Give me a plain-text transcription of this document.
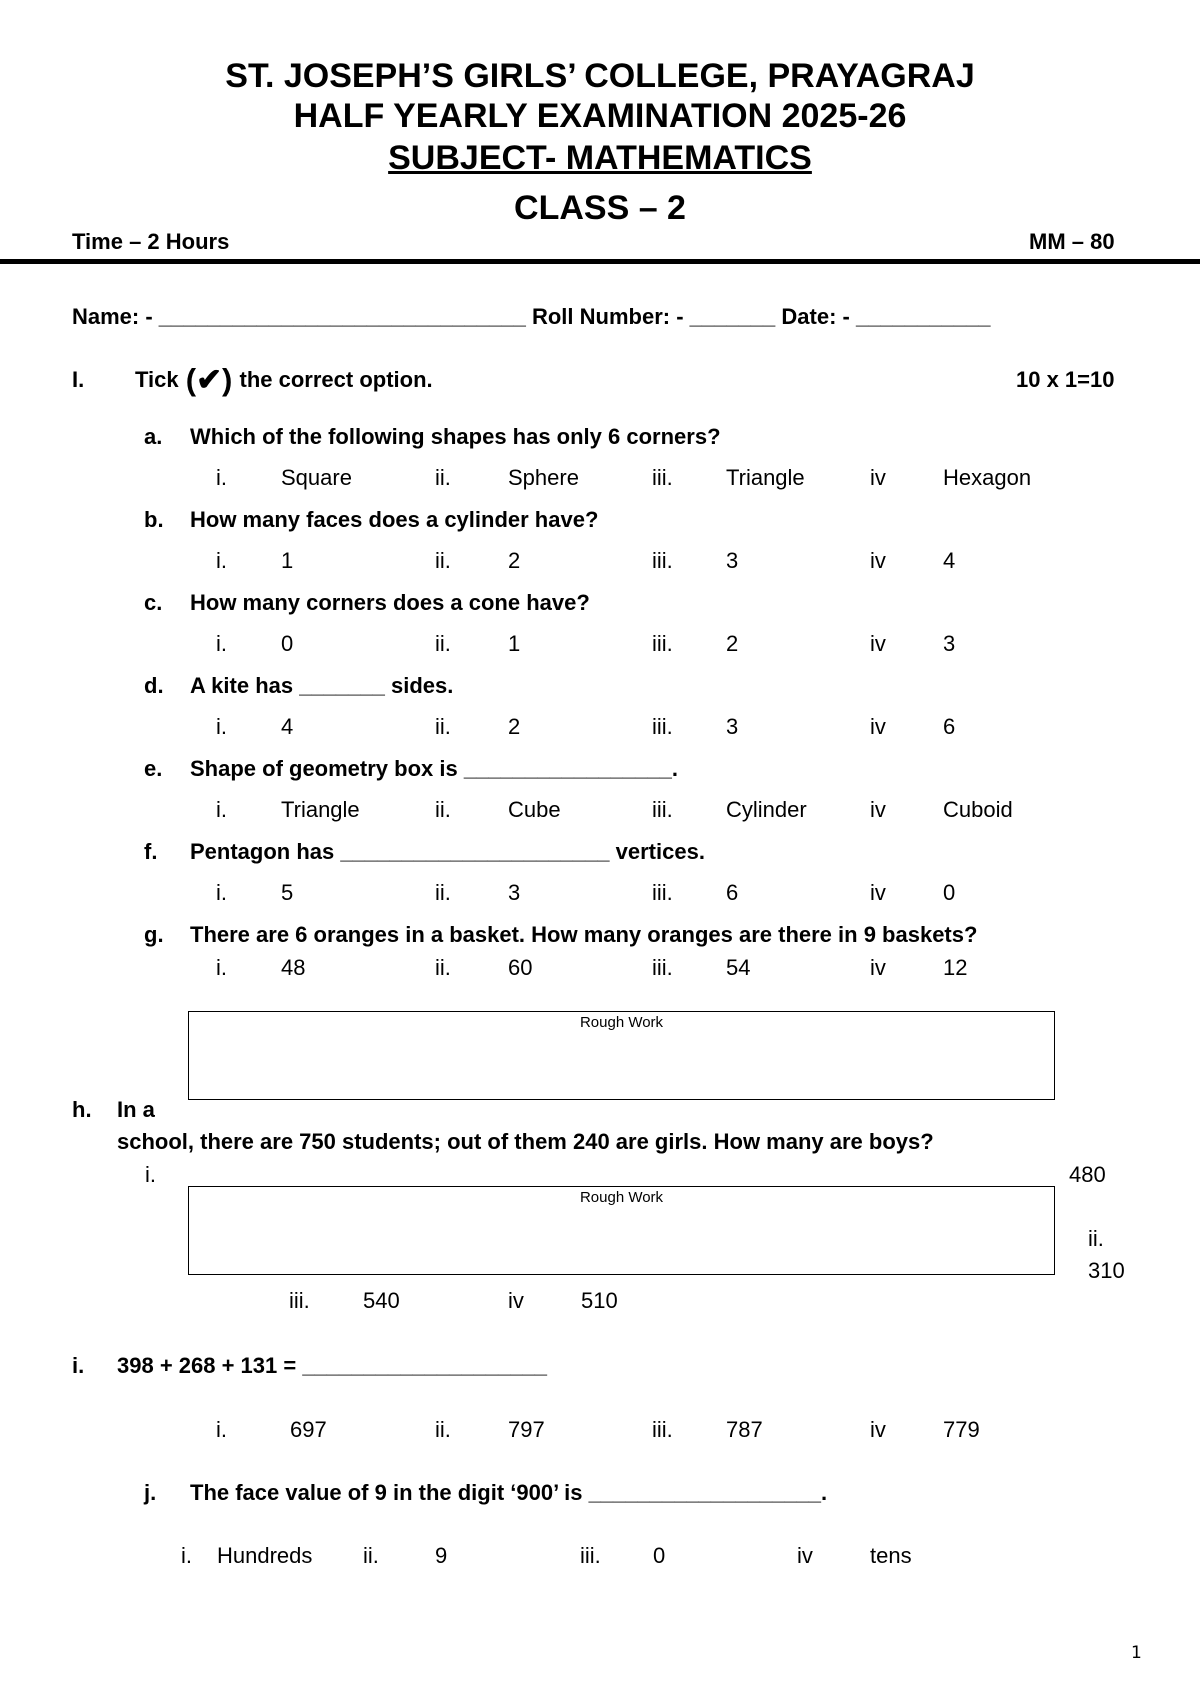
ST. JOSEPH’S GIRLS’ COLLEGE, PRAYAGRAJ
HALF YEARLY EXAMINATION 2025-26
SUBJECT- MATHEMATICS
CLASS – 2
Time – 2 Hours	MM – 80
Name: - ______________________________ Roll Number: - _______ Date: - ___________
I. Tick (✔) the correct option.	10 x 1=10
a. Which of the following shapes has only 6 corners?
i. Square	ii.	Sphere	iii. Triangle	iv	Hexagon
b. How many faces does a cylinder have?
i. 1	ii.	2	iii. 3	iv	4
c. How many corners does a cone have?
i. 0	ii.	1	iii. 2	iv	3
d. A kite has _______ sides.
i. 4	ii.	2	iii. 3	iv	6
e. Shape of geometry box is _________________.
i. Triangle	ii.	Cube	iii. Cylinder	iv	Cuboid
f. Pentagon has ______________________ vertices.
i. 5	ii.	3	iii. 6	iv	0
g. There are 6 oranges in a basket. How many oranges are there in 9 baskets?
i. 48	ii.	60	iii. 54	iv	12
Rough Work
h. In a
school, there are 750 students; out of them 240 are girls. How many are boys?
i.	480
Rough Work
ii.
310
iii. 540	iv	510
i. 398 + 268 + 131 = ____________________
i.	697	ii.	797	iii. 787	iv	779
j. The face value of 9 in the digit ‘900’ is ___________________.
i. Hundreds ii.	9	iii. 0	iv	tens
1
